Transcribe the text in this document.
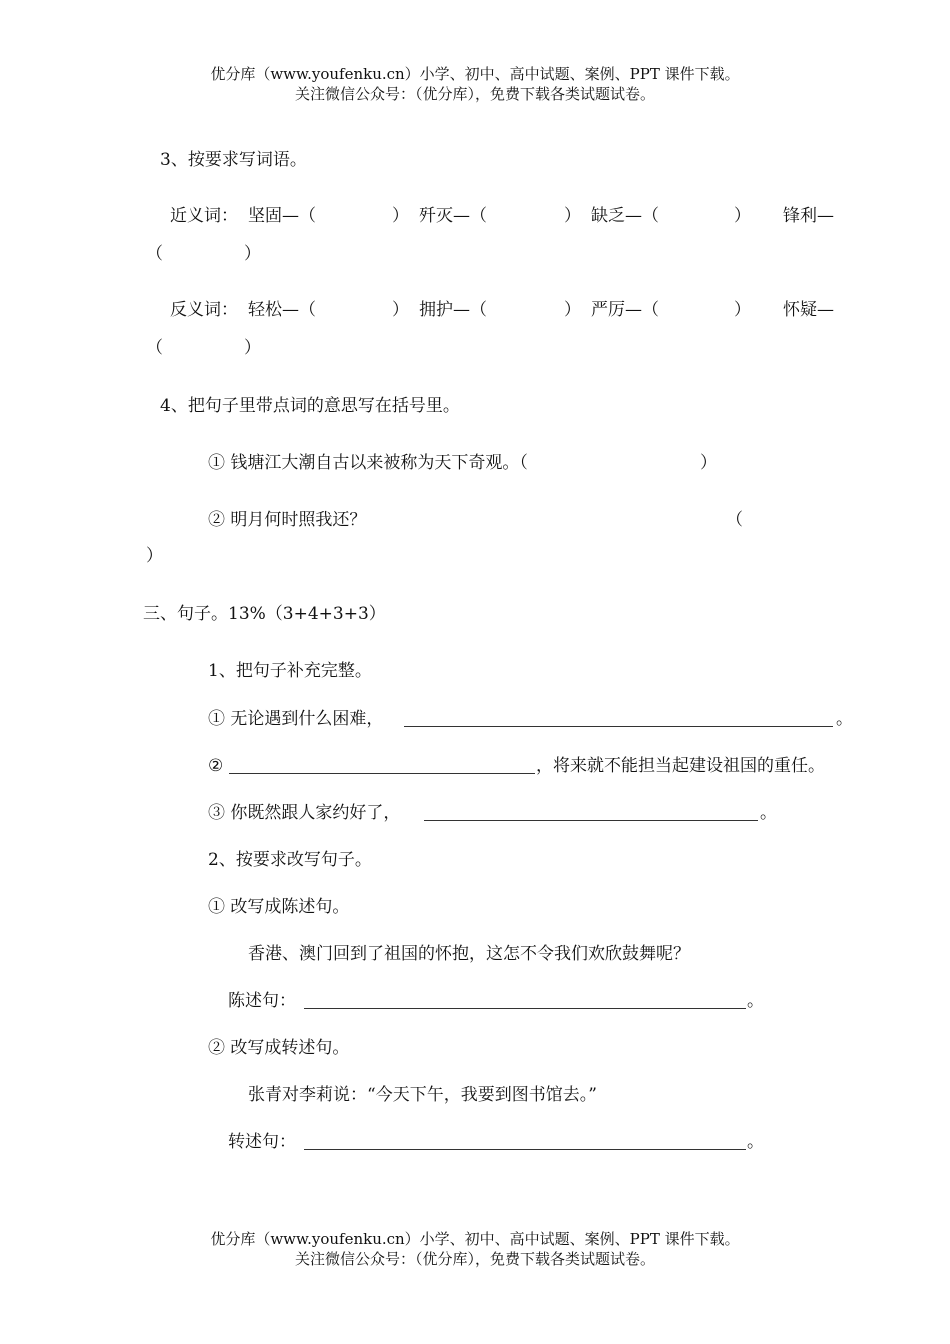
优分库（www.youfenku.cn）小学、初中、高中试题、案例、PPT 课件下载。
关注微信公众号：（优分库），免费下载各类试题试卷。
3、按要求写词语。
近义词： 坚固—（	） 歼灭—（	） 缺乏—（	） 锋利—
（	）
反义词： 轻松—（	） 拥护—（	） 严厉—（	） 怀疑—
（	）
4、把句子里带点词的意思写在括号里。
① 钱塘江大潮自古以来被称为天下奇观。（	）
② 明月何时照我还？	（
）
三、句子。13%（3+4+3+3）
1、把句子补充完整。
① 无论遇到什么困难，	。
②	，将来就不能担当起建设祖国的重任。
③ 你既然跟人家约好了，	。
2、按要求改写句子。
① 改写成陈述句。
香港、澳门回到了祖国的怀抱，这怎不令我们欢欣鼓舞呢？
陈述句：	。
② 改写成转述句。
张青对李莉说：“今天下午，我要到图书馆去。”
转述句：	。
优分库（www.youfenku.cn）小学、初中、高中试题、案例、PPT 课件下载。
关注微信公众号：（优分库），免费下载各类试题试卷。
